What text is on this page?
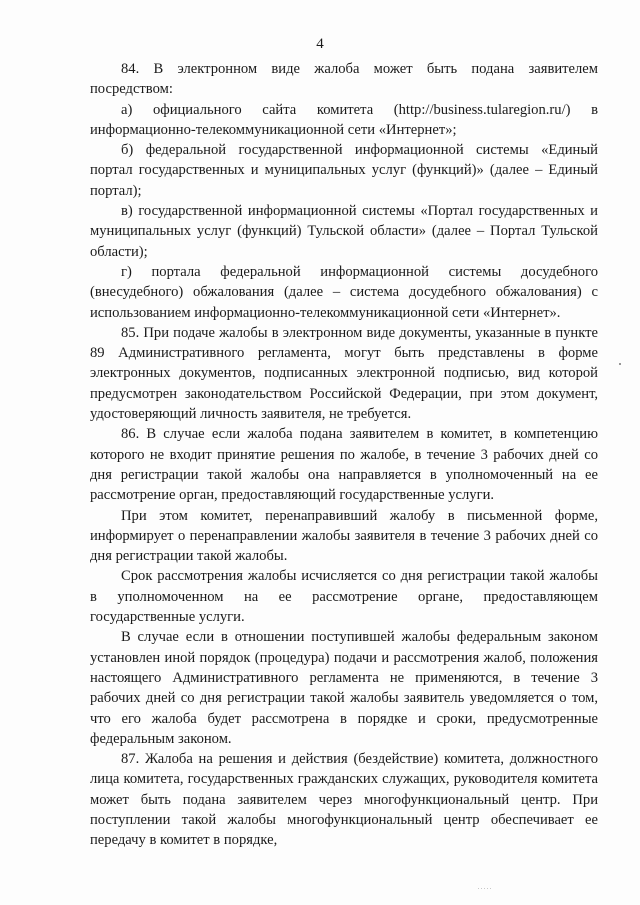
4

84. В электронном виде жалоба может быть подана заявителем посредством:

а) официального сайта комитета (http://business.tularegion.ru/) в информационно-телекоммуникационной сети «Интернет»;

б) федеральной государственной информационной системы «Единый портал государственных и муниципальных услуг (функций)» (далее – Единый портал);

в) государственной информационной системы «Портал государственных и муниципальных услуг (функций) Тульской области» (далее – Портал Тульской области);

г) портала федеральной информационной системы досудебного (внесудебного) обжалования (далее – система досудебного обжалования) с использованием информационно-телекоммуникационной сети «Интернет».

85. При подаче жалобы в электронном виде документы, указанные в пункте 89 Административного регламента, могут быть представлены в форме электронных документов, подписанных электронной подписью, вид которой предусмотрен законодательством Российской Федерации, при этом документ, удостоверяющий личность заявителя, не требуется.

86. В случае если жалоба подана заявителем в комитет, в компетенцию которого не входит принятие решения по жалобе, в течение 3 рабочих дней со дня регистрации такой жалобы она направляется в уполномоченный на ее рассмотрение орган, предоставляющий государственные услуги.

При этом комитет, перенаправивший жалобу в письменной форме, информирует о перенаправлении жалобы заявителя в течение 3 рабочих дней со дня регистрации такой жалобы.

Срок рассмотрения жалобы исчисляется со дня регистрации такой жалобы в уполномоченном на ее рассмотрение органе, предоставляющем государственные услуги.

В случае если в отношении поступившей жалобы федеральным законом установлен иной порядок (процедура) подачи и рассмотрения жалоб, положения настоящего Административного регламента не применяются, в течение 3 рабочих дней со дня регистрации такой жалобы заявитель уведомляется о том, что его жалоба будет рассмотрена в порядке и сроки, предусмотренные федеральным законом.

87. Жалоба на решения и действия (бездействие) комитета, должностного лица комитета, государственных гражданских служащих, руководителя комитета может быть подана заявителем через многофункциональный центр. При поступлении такой жалобы многофункциональный центр обеспечивает ее передачу в комитет в порядке,
